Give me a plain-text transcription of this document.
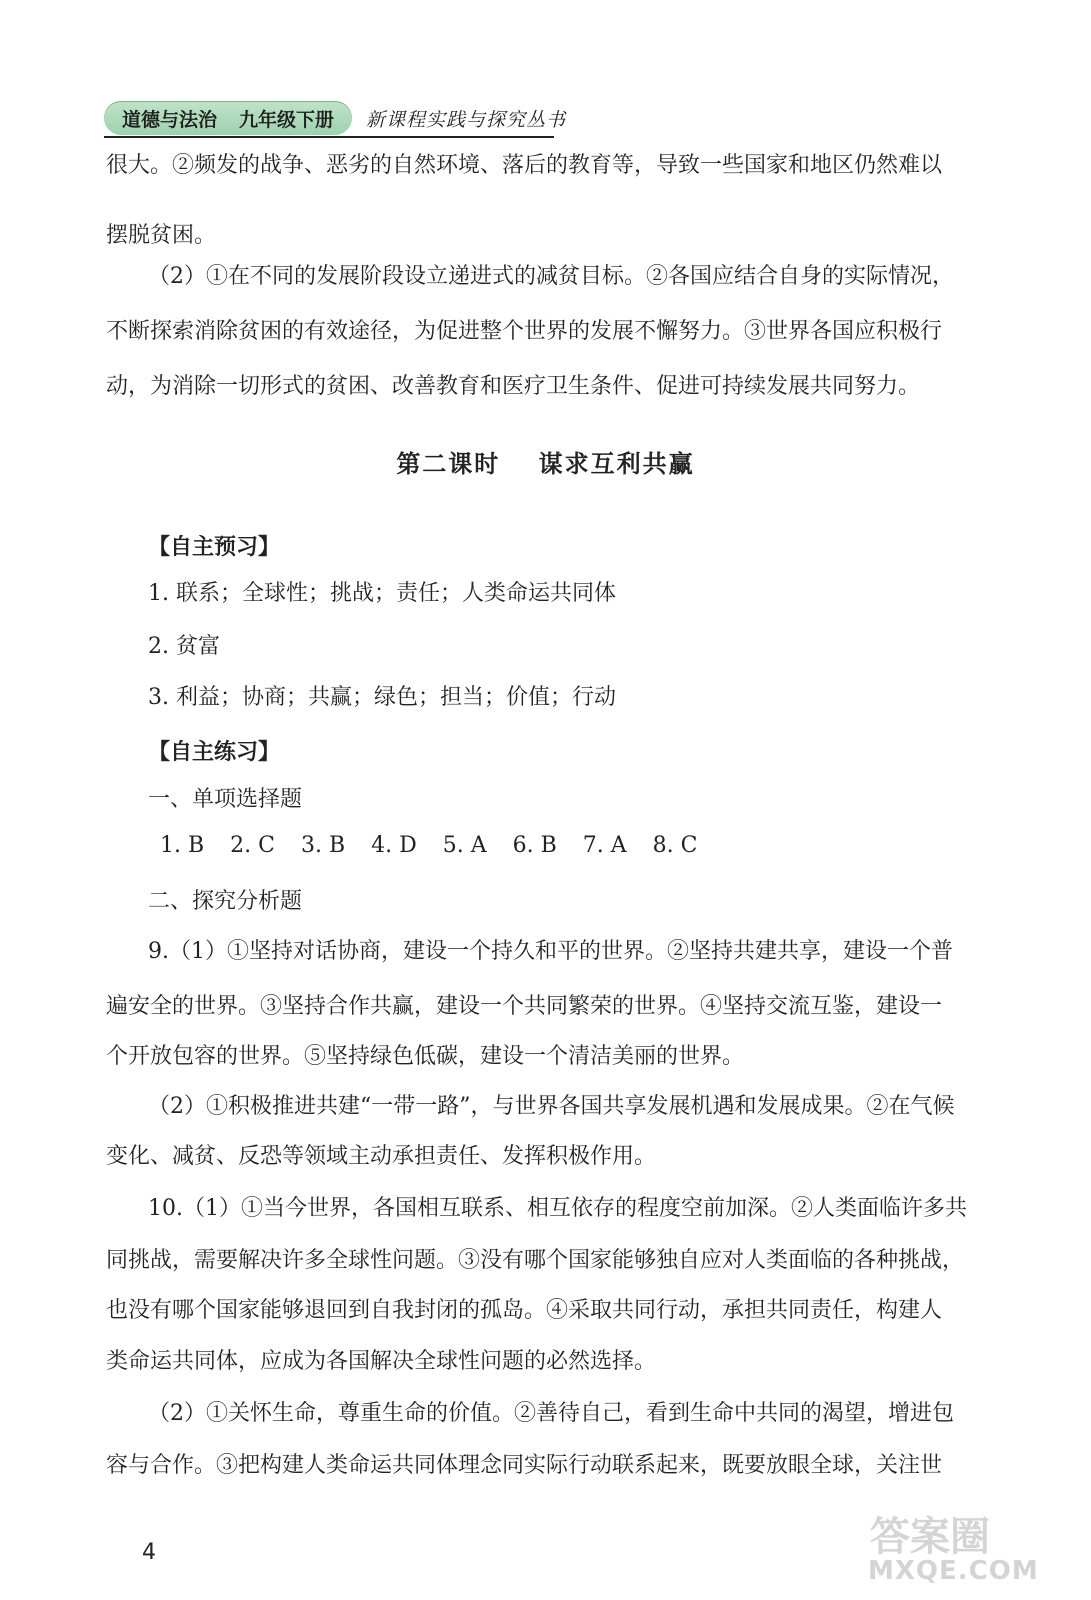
道德与法治 九年级下册 新课程实践与探究丛书
很大。②频发的战争、恶劣的自然环境、落后的教育等，导致一些国家和地区仍然难以
摆脱贫困。
（2）①在不同的发展阶段设立递进式的减贫目标。②各国应结合自身的实际情况，
不断探索消除贫困的有效途径，为促进整个世界的发展不懈努力。③世界各国应积极行
动，为消除一切形式的贫困、改善教育和医疗卫生条件、促进可持续发展共同努力。
第二课时 谋求互利共赢
【自主预习】
1. 联系；全球性；挑战；责任；人类命运共同体
2. 贫富
3. 利益；协商；共赢；绿色；担当；价值；行动
【自主练习】
一、单项选择题
1. B 2. C 3. B 4. D 5. A 6. B 7. A 8. C
二、探究分析题
9.（1）①坚持对话协商，建设一个持久和平的世界。②坚持共建共享，建设一个普
遍安全的世界。③坚持合作共赢，建设一个共同繁荣的世界。④坚持交流互鉴，建设一
个开放包容的世界。⑤坚持绿色低碳，建设一个清洁美丽的世界。
（2）①积极推进共建“一带一路”，与世界各国共享发展机遇和发展成果。②在气候
变化、减贫、反恐等领域主动承担责任、发挥积极作用。
10.（1）①当今世界，各国相互联系、相互依存的程度空前加深。②人类面临许多共
同挑战，需要解决许多全球性问题。③没有哪个国家能够独自应对人类面临的各种挑战，
也没有哪个国家能够退回到自我封闭的孤岛。④采取共同行动，承担共同责任，构建人
类命运共同体，应成为各国解决全球性问题的必然选择。
（2）①关怀生命，尊重生命的价值。②善待自己，看到生命中共同的渴望，增进包
容与合作。③把构建人类命运共同体理念同实际行动联系起来，既要放眼全球，关注世
4	答案圈
MXQE.COM
